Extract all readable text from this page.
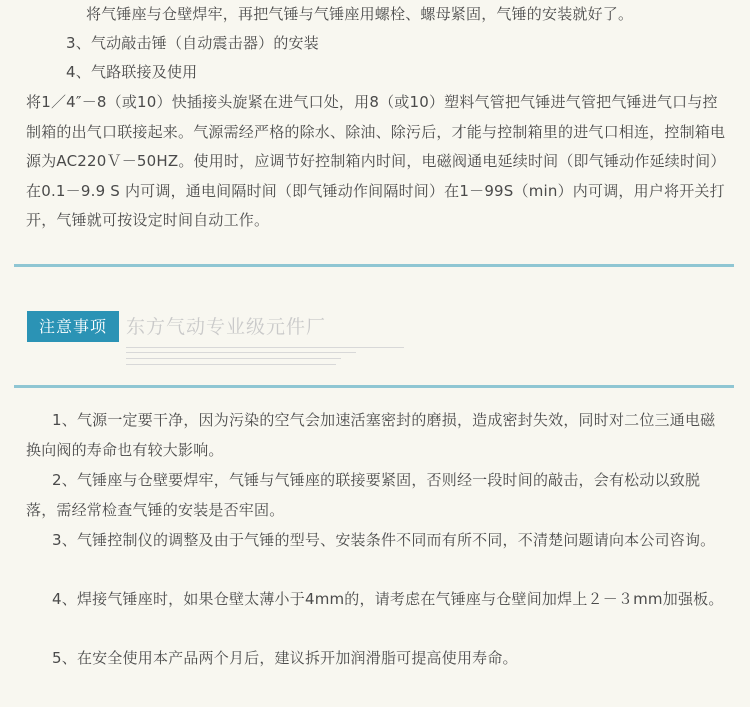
将气锤座与仓壁焊牢，再把气锤与气锤座用螺栓、螺母紧固，气锤的安装就好了。

3、气动敲击锤（自动震击器）的安装

4、气路联接及使用

将1／4″－8（或10）快插接头旋紧在进气口处，用8（或10）塑料气管把气锤进气管把气锤进气口与控制箱的出气口联接起来。气源需经严格的除水、除油、除污后，才能与控制箱里的进气口相连，控制箱电源为AC220Ｖ－50HZ。使用时，应调节好控制箱内时间，电磁阀通电延续时间（即气锤动作延续时间）在0.1－9.9 S 内可调，通电间隔时间（即气锤动作间隔时间）在1－99S（min）内可调，用户将开关打开，气锤就可按设定时间自动工作。

注意事项	东方气动专业级元件厂

1、气源一定要干净，因为污染的空气会加速活塞密封的磨损，造成密封失效，同时对二位三通电磁换向阀的寿命也有较大影响。

2、气锤座与仓壁要焊牢，气锤与气锤座的联接要紧固，否则经一段时间的敲击，会有松动以致脱落，需经常检查气锤的安装是否牢固。

3、气锤控制仪的调整及由于气锤的型号、安装条件不同而有所不同，不清楚问题请向本公司咨询。

4、焊接气锤座时，如果仓壁太薄小于4mm的，请考虑在气锤座与仓壁间加焊上２－３mm加强板。

5、在安全使用本产品两个月后，建议拆开加润滑脂可提高使用寿命。
